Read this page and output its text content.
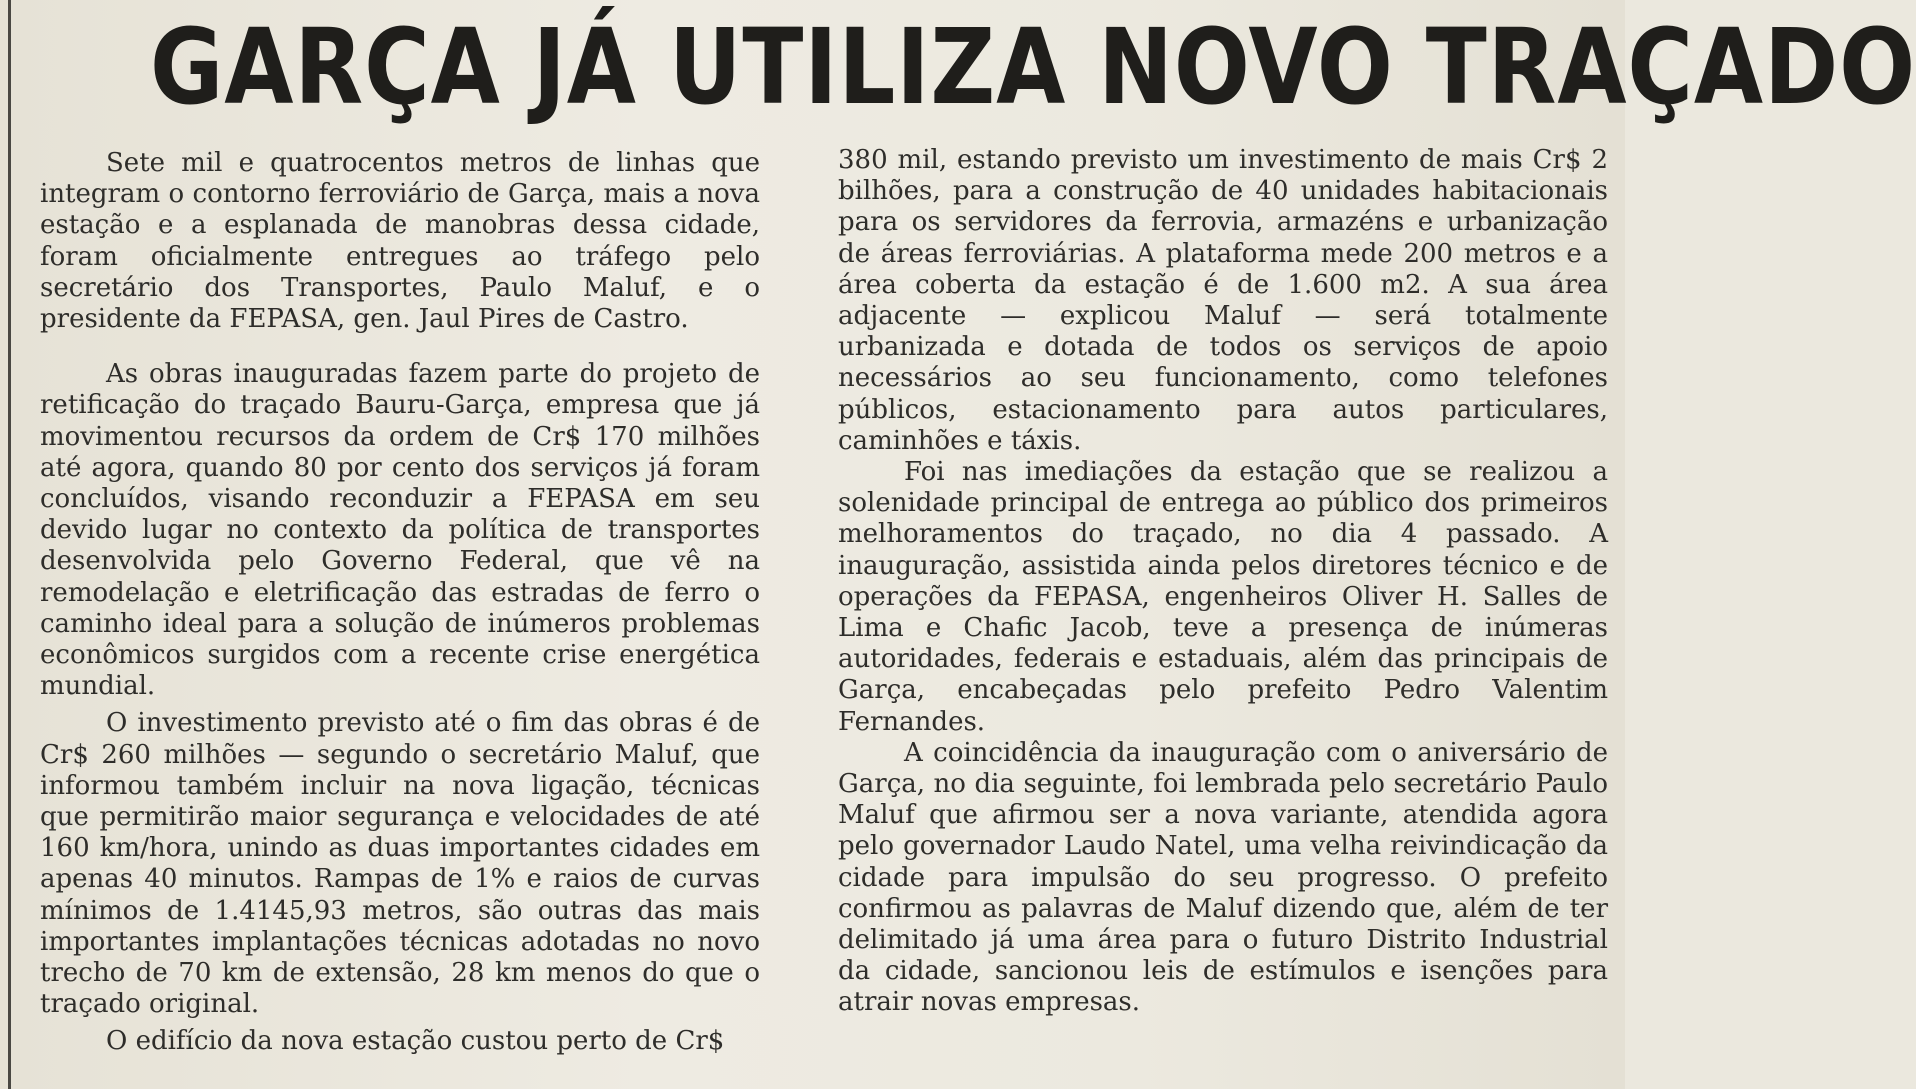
GARÇA JÁ UTILIZA NOVO TRAÇADO

Sete mil e quatrocentos metros de linhas que integram o contorno ferroviário de Garça, mais a nova estação e a esplanada de manobras dessa cidade, foram oficialmente entregues ao tráfego pelo secretário dos Transportes, Paulo Maluf, e o presidente da FEPASA, gen. Jaul Pires de Castro.

As obras inauguradas fazem parte do projeto de retificação do traçado Bauru-Garça, empresa que já movimentou recursos da ordem de Cr$ 170 milhões até agora, quando 80 por cento dos serviços já foram concluídos, visando reconduzir a FEPASA em seu devido lugar no contexto da política de transportes desenvolvida pelo Governo Federal, que vê na remodelação e eletrificação das estradas de ferro o caminho ideal para a solução de inúmeros problemas econômicos surgidos com a recente crise energética mundial.

O investimento previsto até o fim das obras é de Cr$ 260 milhões — segundo o secretário Maluf, que informou também incluir na nova ligação, técnicas que permitirão maior segurança e velocidades de até 160 km/hora, unindo as duas importantes cidades em apenas 40 minutos. Rampas de 1% e raios de curvas mínimos de 1.4145,93 metros, são outras das mais importantes implantações técnicas adotadas no novo trecho de 70 km de extensão, 28 km menos do que o traçado original.

O edifício da nova estação custou perto de Cr$

380 mil, estando previsto um investimento de mais Cr$ 2 bilhões, para a construção de 40 unidades habitacionais para os servidores da ferrovia, armazéns e urbanização de áreas ferroviárias. A plataforma mede 200 metros e a área coberta da estação é de 1.600 m2. A sua área adjacente — explicou Maluf — será totalmente urbanizada e dotada de todos os serviços de apoio necessários ao seu funcionamento, como telefones públicos, estacionamento para autos particulares, caminhões e táxis.

Foi nas imediações da estação que se realizou a solenidade principal de entrega ao público dos primeiros melhoramentos do traçado, no dia 4 passado. A inauguração, assistida ainda pelos diretores técnico e de operações da FEPASA, engenheiros Oliver H. Salles de Lima e Chafic Jacob, teve a presença de inúmeras autoridades, federais e estaduais, além das principais de Garça, encabeçadas pelo prefeito Pedro Valentim Fernandes.

A coincidência da inauguração com o aniversário de Garça, no dia seguinte, foi lembrada pelo secretário Paulo Maluf que afirmou ser a nova variante, atendida agora pelo governador Laudo Natel, uma velha reivindicação da cidade para impulsão do seu progresso. O prefeito confirmou as palavras de Maluf dizendo que, além de ter delimitado já uma área para o futuro Distrito Industrial da cidade, sancionou leis de estímulos e isenções para atrair novas empresas.
